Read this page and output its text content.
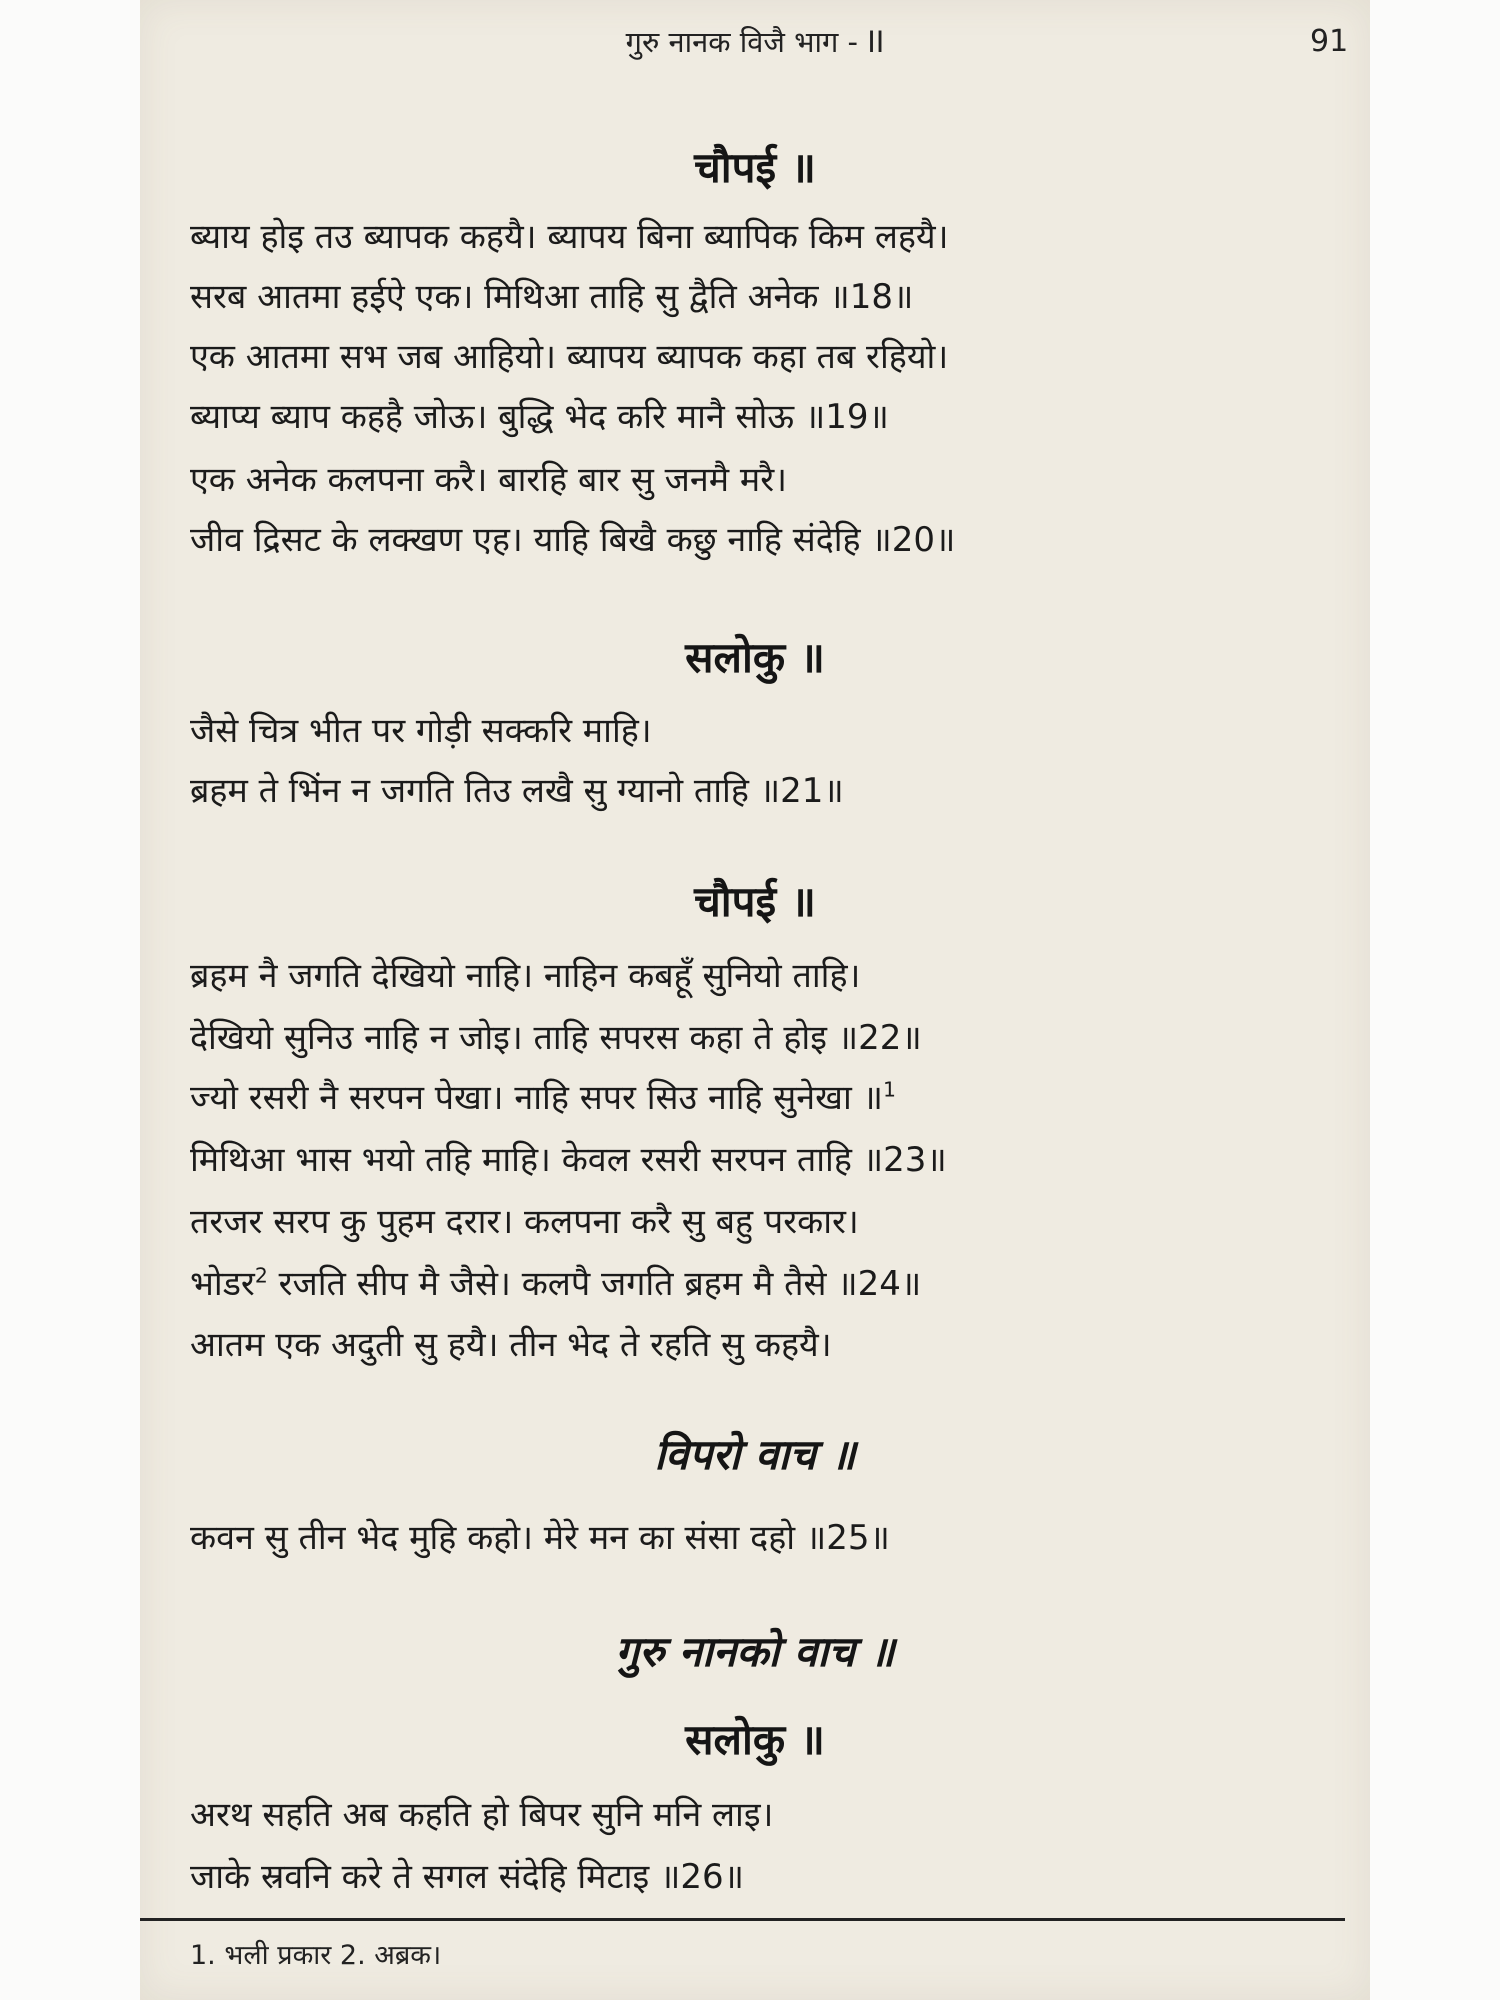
गुरु नानक विजै भाग - II	91
चौपई ॥
ब्याय होइ तउ ब्यापक कहयै। ब्यापय बिना ब्यापिक किम लहयै।
सरब आतमा हईऐ एक। मिथिआ ताहि सु द्वैति अनेक ॥18॥
एक आतमा सभ जब आहियो। ब्यापय ब्यापक कहा तब रहियो।
ब्याप्य ब्याप कहहै जोऊ। बुद्धि भेद करि मानै सोऊ ॥19॥
एक अनेक कलपना करै। बारहि बार सु जनमै मरै।
जीव द्रिसट के लक्खण एह। याहि बिखै कछु नाहि संदेहि ॥20॥
सलोकु ॥
जैसे चित्र भीत पर गोड़ी सक्करि माहि।
ब्रहम ते भिंन न जगति तिउ लखै सु ग्यानो ताहि ॥21॥
चौपई ॥
ब्रहम नै जगति देखियो नाहि। नाहिन कबहूँ सुनियो ताहि।
देखियो सुनिउ नाहि न जोइ। ताहि सपरस कहा ते होइ ॥22॥
ज्यो रसरी नै सरपन पेखा। नाहि सपर सिउ नाहि सुनेखा ॥$^1$
मिथिआ भास भयो तहि माहि। केवल रसरी सरपन ताहि ॥23॥
तरजर सरप कु पुहम दरार। कलपना करै सु बहु परकार।
भोडर$^2$ रजति सीप मै जैसे। कलपै जगति ब्रहम मै तैसे ॥24॥
आतम एक अदुती सु हयै। तीन भेद ते रहति सु कहयै।
विपरो वाच ॥
कवन सु तीन भेद मुहि कहो। मेरे मन का संसा दहो ॥25॥
गुरु नानको वाच ॥
सलोकु ॥
अरथ सहति अब कहति हो बिपर सुनि मनि लाइ।
जाके स्रवनि करे ते सगल संदेहि मिटाइ ॥26॥
1. भली प्रकार 2. अब्रक।
